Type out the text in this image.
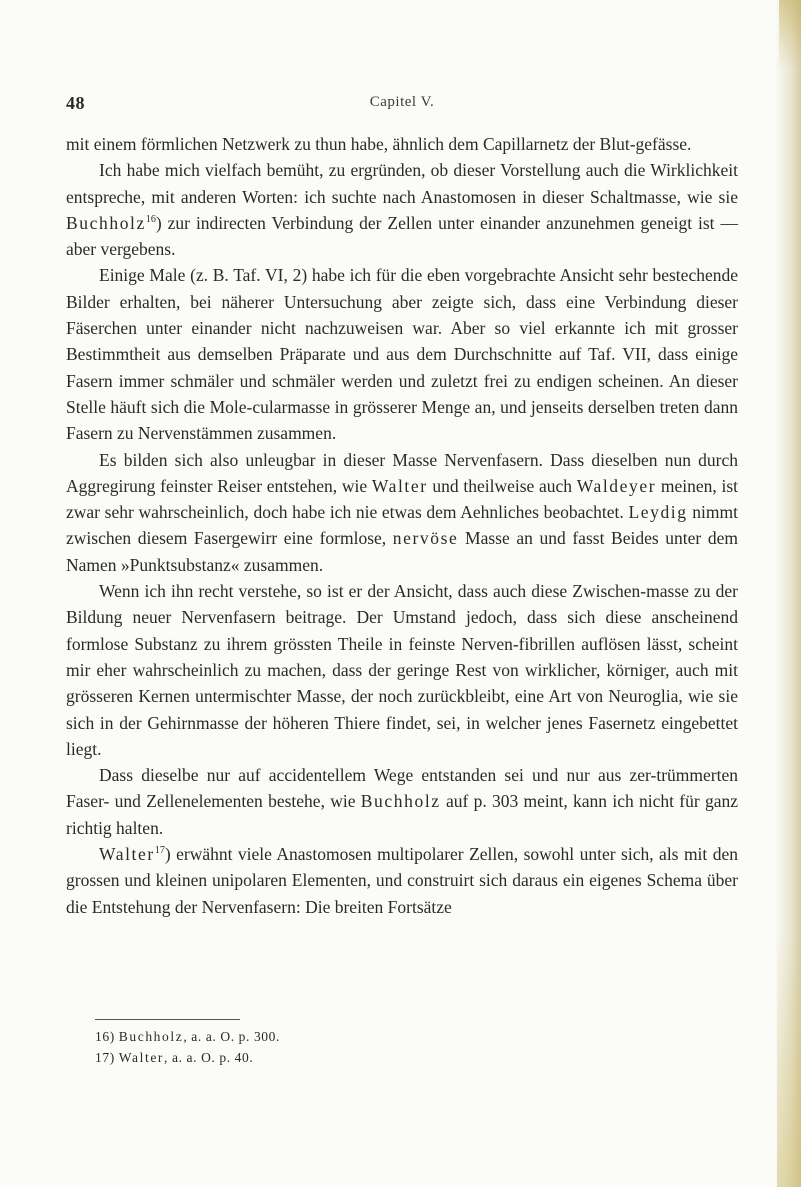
48	Capitel V.

mit einem förmlichen Netzwerk zu thun habe, ähnlich dem Capillarnetz der Blut-gefässe.

Ich habe mich vielfach bemüht, zu ergründen, ob dieser Vorstellung auch die Wirklichkeit entspreche, mit anderen Worten: ich suchte nach Anastomosen in dieser Schaltmasse, wie sie Buchholz$^{16}$) zur indirecten Verbindung der Zellen unter einander anzunehmen geneigt ist — aber vergebens.

Einige Male (z. B. Taf. VI, 2) habe ich für die eben vorgebrachte Ansicht sehr bestechende Bilder erhalten, bei näherer Untersuchung aber zeigte sich, dass eine Verbindung dieser Fäserchen unter einander nicht nachzuweisen war. Aber so viel erkannte ich mit grosser Bestimmtheit aus demselben Präparate und aus dem Durchschnitte auf Taf. VII, dass einige Fasern immer schmäler und schmäler werden und zuletzt frei zu endigen scheinen. An dieser Stelle häuft sich die Mole-cularmasse in grösserer Menge an, und jenseits derselben treten dann Fasern zu Nervenstämmen zusammen.

Es bilden sich also unleugbar in dieser Masse Nervenfasern. Dass dieselben nun durch Aggregirung feinster Reiser entstehen, wie Walter und theilweise auch Waldeyer meinen, ist zwar sehr wahrscheinlich, doch habe ich nie etwas dem Aehnliches beobachtet. Leydig nimmt zwischen diesem Fasergewirr eine formlose, nervöse Masse an und fasst Beides unter dem Namen »Punktsubstanz« zusammen.

Wenn ich ihn recht verstehe, so ist er der Ansicht, dass auch diese Zwischen-masse zu der Bildung neuer Nervenfasern beitrage. Der Umstand jedoch, dass sich diese anscheinend formlose Substanz zu ihrem grössten Theile in feinste Nerven-fibrillen auflösen lässt, scheint mir eher wahrscheinlich zu machen, dass der geringe Rest von wirklicher, körniger, auch mit grösseren Kernen untermischter Masse, der noch zurückbleibt, eine Art von Neuroglia, wie sie sich in der Gehirnmasse der höheren Thiere findet, sei, in welcher jenes Fasernetz eingebettet liegt.

Dass dieselbe nur auf accidentellem Wege entstanden sei und nur aus zer-trümmerten Faser- und Zellenelementen bestehe, wie Buchholz auf p. 303 meint, kann ich nicht für ganz richtig halten.

Walter$^{17}$) erwähnt viele Anastomosen multipolarer Zellen, sowohl unter sich, als mit den grossen und kleinen unipolaren Elementen, und construirt sich daraus ein eigenes Schema über die Entstehung der Nervenfasern: Die breiten Fortsätze

16) Buchholz, a. a. O. p. 300.

17) Walter, a. a. O. p. 40.
